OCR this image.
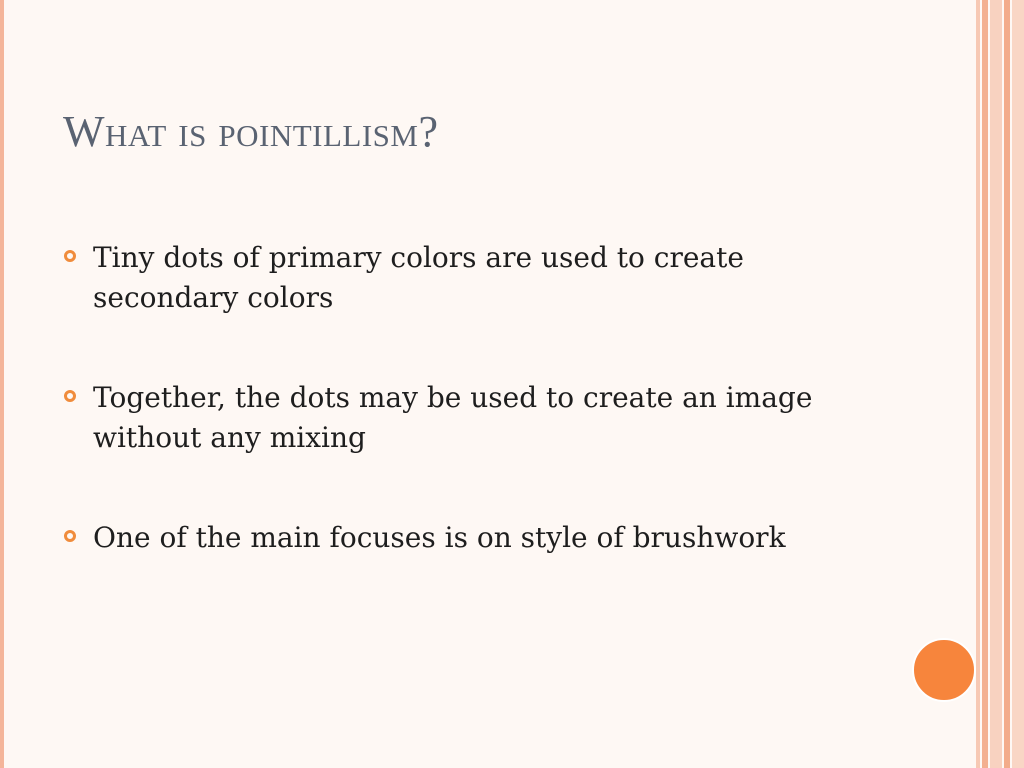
What is pointillism?
Tiny dots of primary colors are used to create secondary colors
Together, the dots may be used to create an image without any mixing
One of the main focuses is on style of brushwork
